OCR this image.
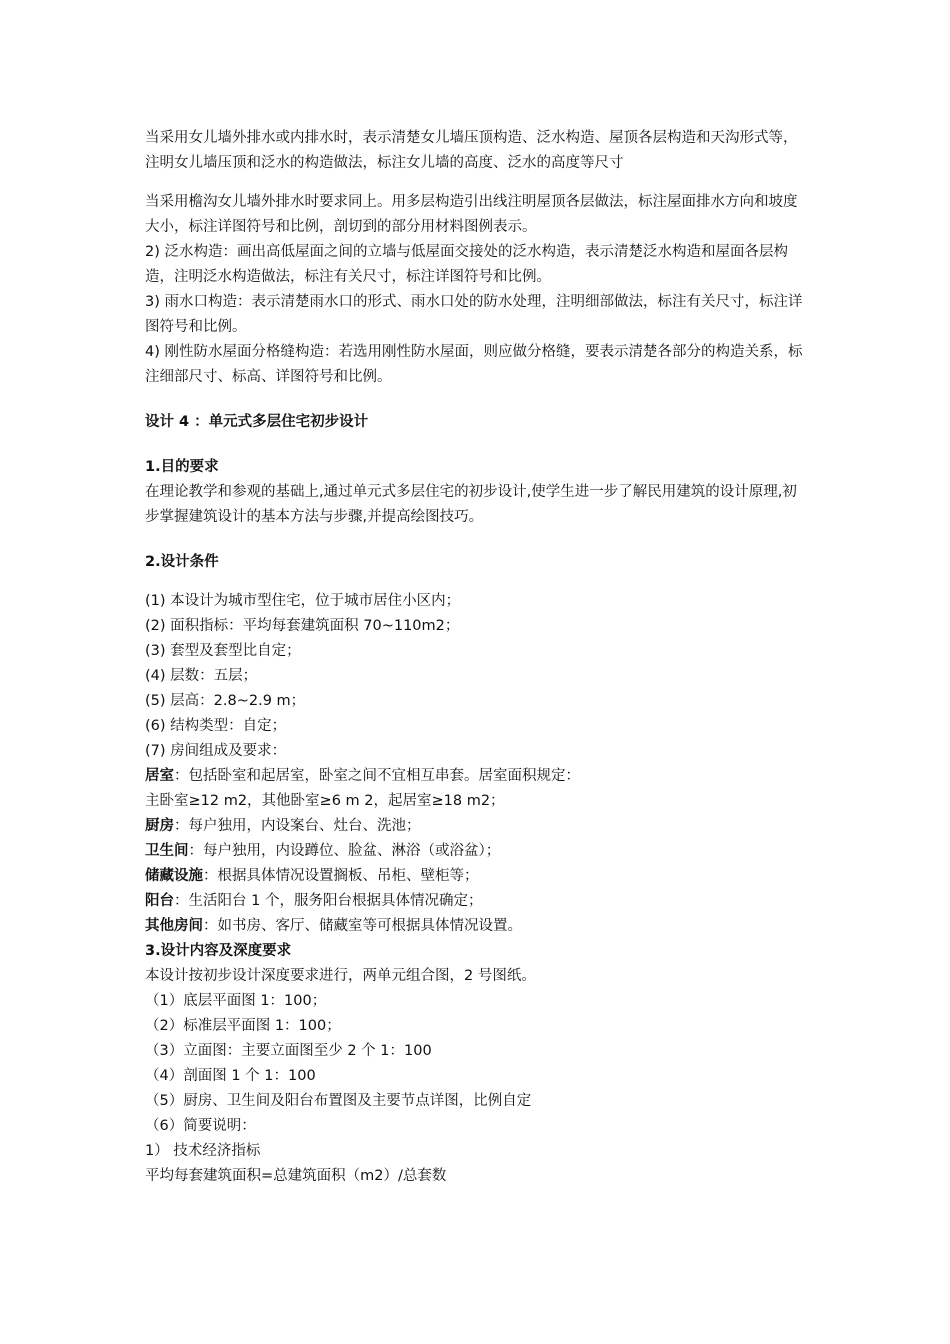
当采用女儿墙外排水或内排水时，表示清楚女儿墙压顶构造、泛水构造、屋顶各层构造和天沟形式等，注明女儿墙压顶和泛水的构造做法，标注女儿墙的高度、泛水的高度等尺寸

当采用檐沟女儿墙外排水时要求同上。用多层构造引出线注明屋顶各层做法，标注屋面排水方向和坡度大小，标注详图符号和比例，剖切到的部分用材料图例表示。

2) 泛水构造：画出高低屋面之间的立墙与低屋面交接处的泛水构造，表示清楚泛水构造和屋面各层构造，注明泛水构造做法，标注有关尺寸，标注详图符号和比例。

3) 雨水口构造：表示清楚雨水口的形式、雨水口处的防水处理，注明细部做法，标注有关尺寸，标注详图符号和比例。

4) 刚性防水屋面分格缝构造：若选用刚性防水屋面，则应做分格缝，要表示清楚各部分的构造关系，标注细部尺寸、标高、详图符号和比例。

设计 4 ：单元式多层住宅初步设计

1.目的要求

在理论教学和参观的基础上,通过单元式多层住宅的初步设计,使学生进一步了解民用建筑的设计原理,初步掌握建筑设计的基本方法与步骤,并提高绘图技巧。

2.设计条件

(1) 本设计为城市型住宅，位于城市居住小区内；

(2) 面积指标：平均每套建筑面积 70~110m2；

(3) 套型及套型比自定；

(4) 层数：五层；

(5) 层高：2.8~2.9 m；

(6) 结构类型：自定；

(7) 房间组成及要求：

居室：包括卧室和起居室，卧室之间不宜相互串套。居室面积规定：

主卧室≥12 m2，其他卧室≥6 m 2，起居室≥18 m2；

厨房：每户独用，内设案台、灶台、洗池；

卫生间：每户独用，内设蹲位、脸盆、淋浴（或浴盆）；

储藏设施：根据具体情况设置搁板、吊柜、壁柜等；

阳台：生活阳台 1 个，服务阳台根据具体情况确定；

其他房间：如书房、客厅、储藏室等可根据具体情况设置。

3.设计内容及深度要求

本设计按初步设计深度要求进行，两单元组合图，2 号图纸。

（1）底层平面图 1：100；

（2）标准层平面图 1：100；

（3）立面图：主要立面图至少 2 个 1：100

（4）剖面图 1 个 1：100

（5）厨房、卫生间及阳台布置图及主要节点详图，比例自定

（6）简要说明：

1） 技术经济指标

平均每套建筑面积=总建筑面积（m2）/总套数
